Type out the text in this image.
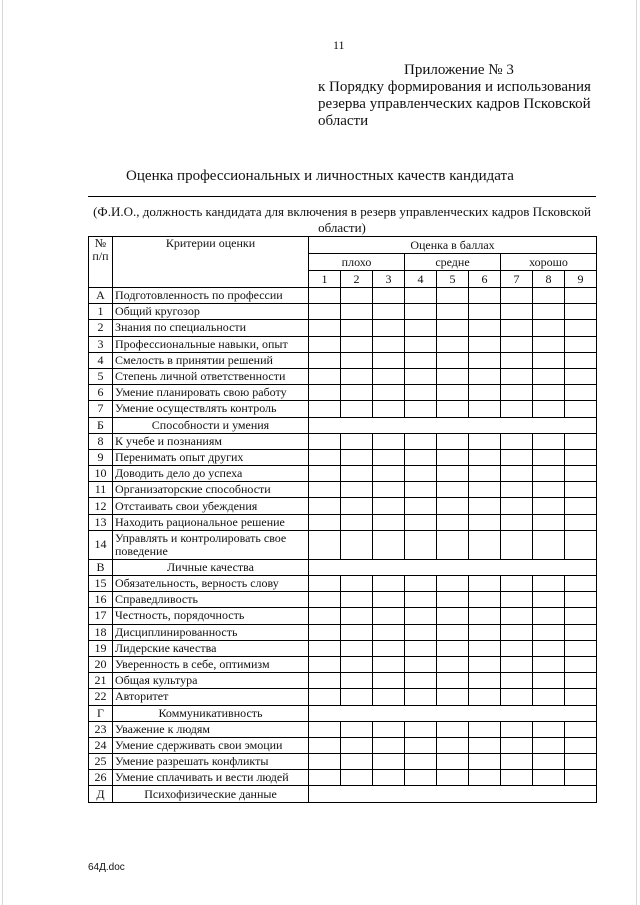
11
Приложение № 3
к Порядку формирования и использования
резерва управленческих кадров Псковской
области
Оценка профессиональных и личностных качеств кандидата
(Ф.И.О., должность кандидата для включения в резерв управленческих кадров Псковской
области)
№
п/п	Критерии оценки	Оценка в баллах								
		плохо			средне			хорошо		
		1	2	3	4	5	6	7	8	9
А	Подготовленность по профессии									
1	Общий кругозор									
2	Знания по специальности									
3	Профессиональные навыки, опыт									
4	Смелость в принятии решений									
5	Степень личной ответственности									
6	Умение планировать свою работу									
7	Умение осуществлять контроль									
Б	Способности и умения									
8	К учебе и познаниям									
9	Перенимать опыт других									
10	Доводить дело до успеха									
11	Организаторские способности									
12	Отстаивать свои убеждения									
13	Находить рациональное решение									
14	Управлять и контролировать свое
поведение									
В	Личные качества									
15	Обязательность, верность слову									
16	Справедливость									
17	Честность, порядочность									
18	Дисциплинированность									
19	Лидерские качества									
20	Уверенность в себе, оптимизм									
21	Общая культура									
22	Авторитет									
Г	Коммуникативность									
23	Уважение к людям									
24	Умение сдерживать свои эмоции									
25	Умение разрешать конфликты									
26	Умение сплачивать и вести людей									
Д	Психофизические данные									
64Д.doc
